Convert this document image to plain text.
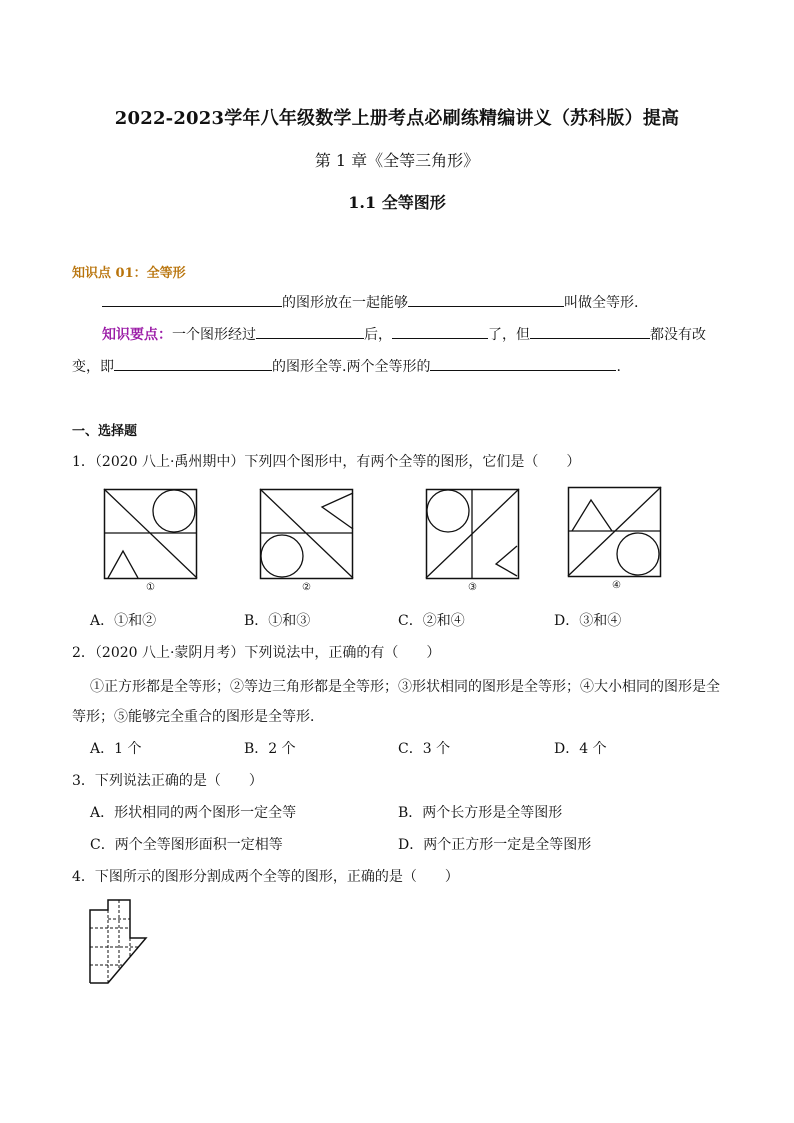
2022-2023学年八年级数学上册考点必刷练精编讲义（苏科版）提高
第 1 章《全等三角形》
1.1 全等图形
知识点 01：全等形
的图形放在一起能够	叫做全等形.
知识要点：一个图形经过	后，	了，但	都没有改
变，即	的图形全等.两个全等形的	.
一、选择题
1．（2020 八上·禹州期中）下列四个图形中，有两个全等的图形，它们是（　　）
①	②	③	④
A．①和②	B．①和③	C．②和④	D．③和④
2．（2020 八上·蒙阴月考）下列说法中，正确的有（　　）
①正方形都是全等形；②等边三角形都是全等形；③形状相同的图形是全等形；④大小相同的图形是全
等形；⑤能够完全重合的图形是全等形．
A．1 个	B．2 个	C．3 个	D．4 个
3．下列说法正确的是（　　）
A．形状相同的两个图形一定全等	B．两个长方形是全等图形
C．两个全等图形面积一定相等	D．两个正方形一定是全等图形
4．下图所示的图形分割成两个全等的图形，正确的是（　　）
